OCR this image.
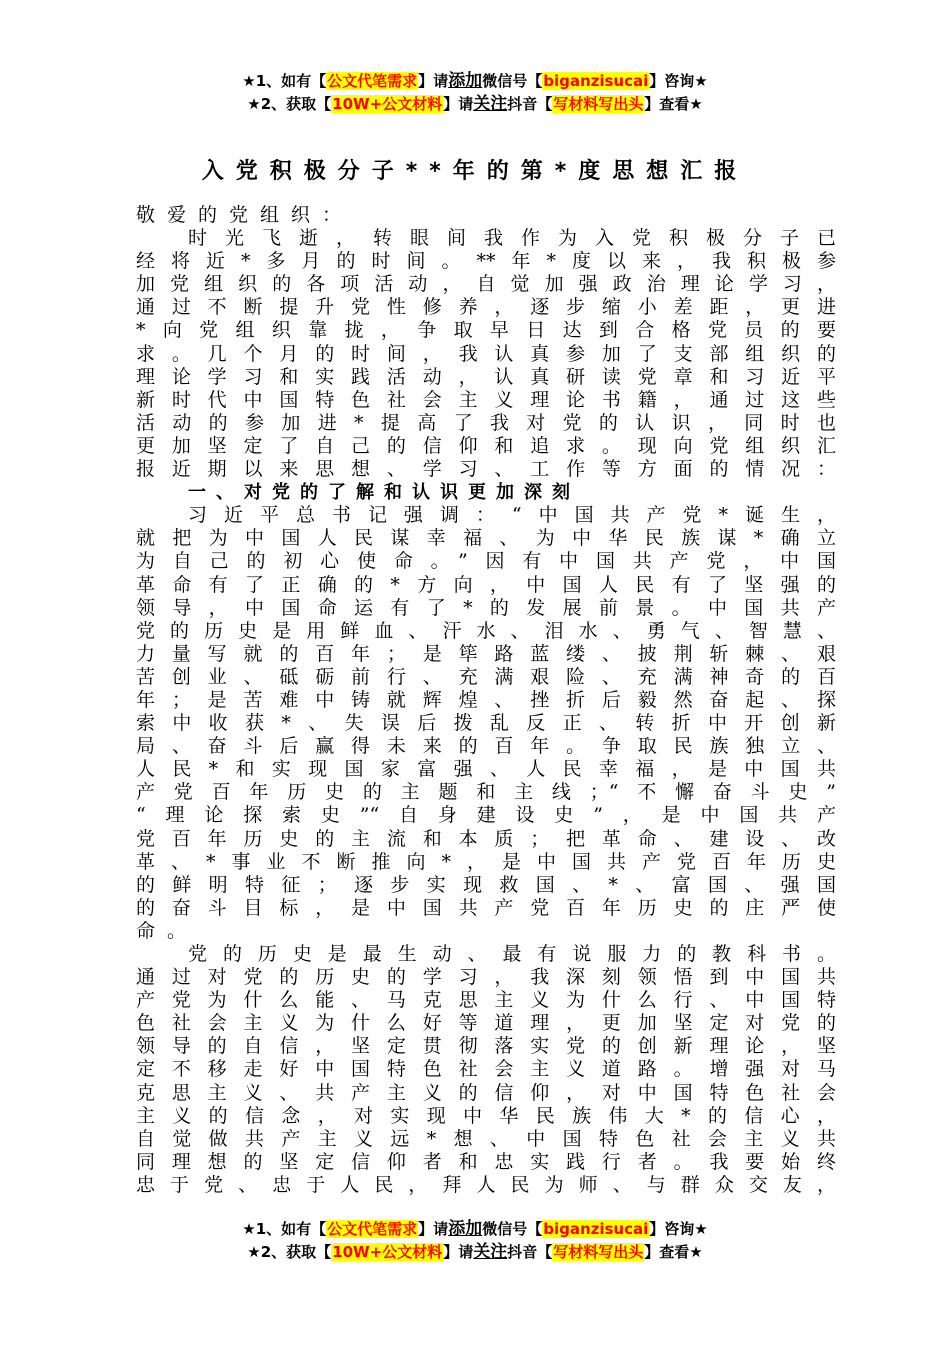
★1、如有【公文代笔需求】请添加微信号【biganzisucai】咨询★
★2、获取【10W+公文材料】请关注抖音【写材料写出头】查看★
入党积极分子**年的第*度思想汇报
敬爱的党组织：
时光飞逝，转眼间我作为入党积极分子已
经将近*多月的时间。**年*度以来，我积极参
加党组织的各项活动，自觉加强政治理论学习，
通过不断提升党性修养，逐步缩小差距，更进
*向党组织靠拢，争取早日达到合格党员的要
求。几个月的时间，我认真参加了支部组织的
理论学习和实践活动，认真研读党章和习近平
新时代中国特色社会主义理论书籍，通过这些
活动的参加进*提高了我对党的认识，同时也
更加坚定了自己的信仰和追求。现向党组织汇
报近期以来思想、学习、工作等方面的情况：
一、对党的了解和认识更加深刻
习近平总书记强调：“中国共产党*诞生，
就把为中国人民谋幸福、为中华民族谋*确立
为自己的初心使命。”因有中国共产党，中国
革命有了正确的*方向，中国人民有了坚强的
领导，中国命运有了*的发展前景。中国共产
党的历史是用鲜血、汗水、泪水、勇气、智慧、
力量写就的百年；是筚路蓝缕、披荆斩棘、艰
苦创业、砥砺前行、充满艰险、充满神奇的百
年；是苦难中铸就辉煌、挫折后毅然奋起、探
索中收获*、失误后拨乱反正、转折中开创新
局、奋斗后赢得未来的百年。争取民族独立、
人民*和实现国家富强、人民幸福，是中国共
产党百年历史的主题和主线；“不懈奋斗史”
“理论探索史”“自身建设史”，是中国共产
党百年历史的主流和本质；把革命、建设、改
革、*事业不断推向*，是中国共产党百年历史
的鲜明特征；逐步实现救国、*、富国、强国
的奋斗目标，是中国共产党百年历史的庄严使
命。
党的历史是最生动、最有说服力的教科书。
通过对党的历史的学习，我深刻领悟到中国共
产党为什么能、马克思主义为什么行、中国特
色社会主义为什么好等道理，更加坚定对党的
领导的自信，坚定贯彻落实党的创新理论，坚
定不移走好中国特色社会主义道路。增强对马
克思主义、共产主义的信仰，对中国特色社会
主义的信念，对实现中华民族伟大*的信心，
自觉做共产主义远*想、中国特色社会主义共
同理想的坚定信仰者和忠实践行者。我要始终
忠于党、忠于人民，拜人民为师、与群众交友，
★1、如有【公文代笔需求】请添加微信号【biganzisucai】咨询★
★2、获取【10W+公文材料】请关注抖音【写材料写出头】查看★
